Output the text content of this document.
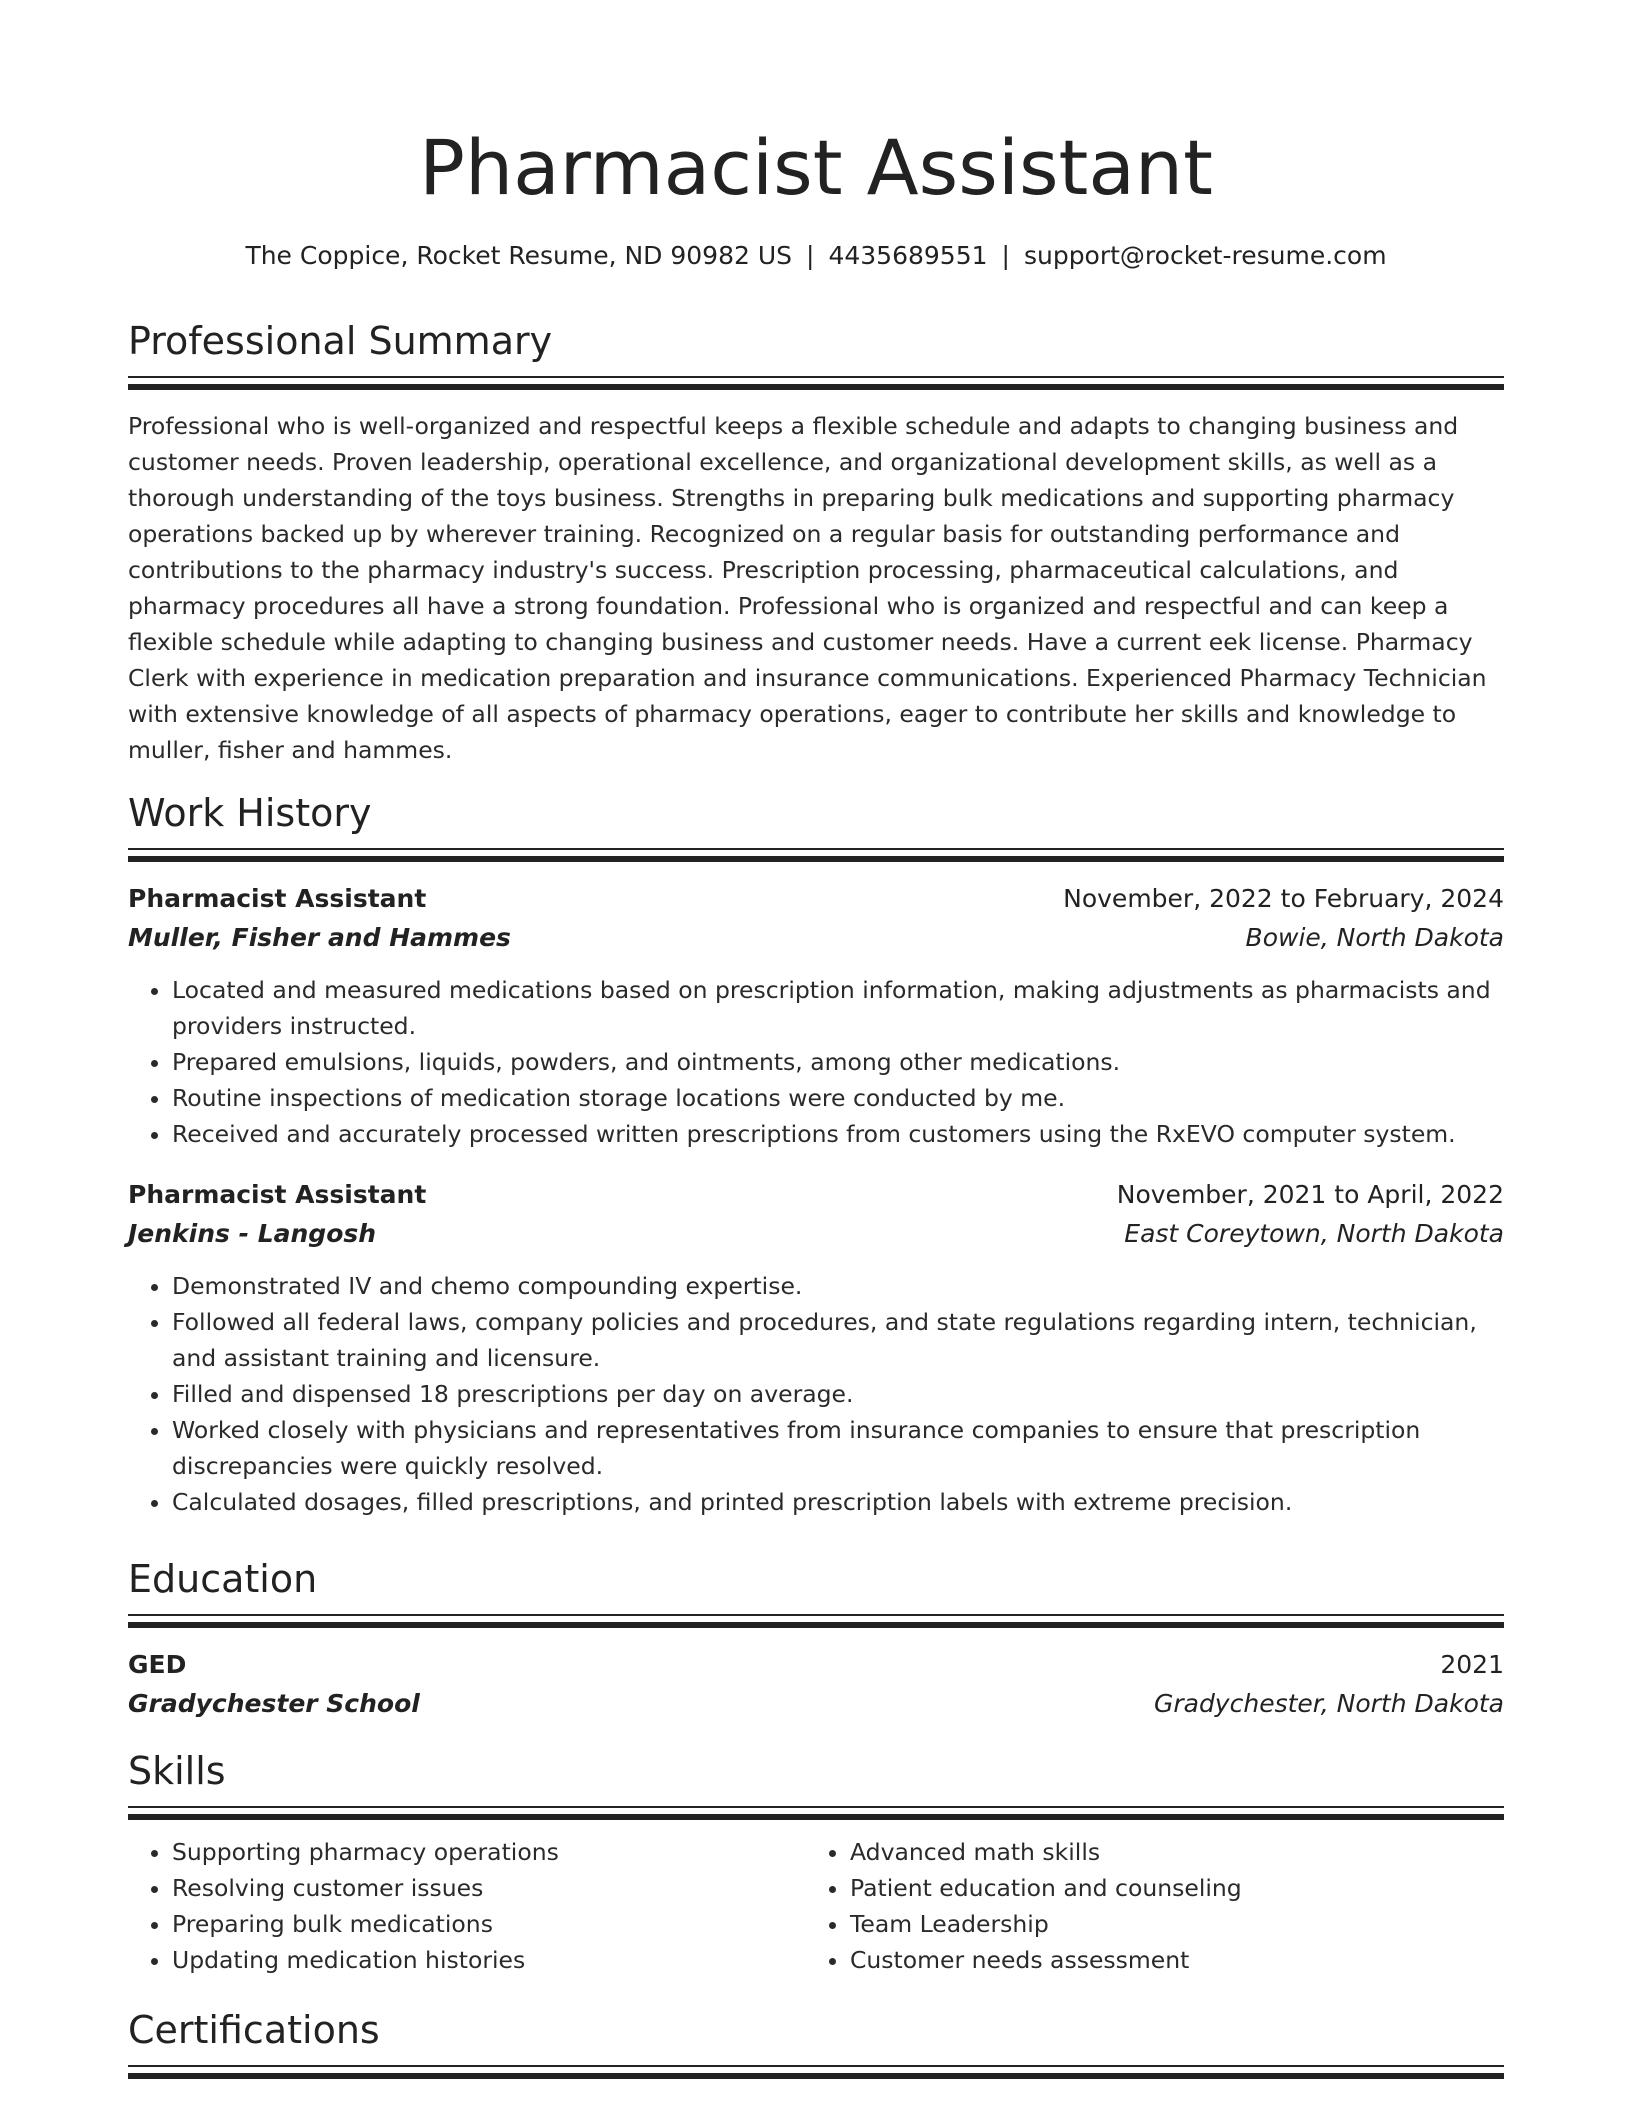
Pharmacist Assistant
The Coppice, Rocket Resume, ND 90982 US | 4435689551 | support@rocket-resume.com
Professional Summary
Professional who is well-organized and respectful keeps a flexible schedule and adapts to changing business and customer needs. Proven leadership, operational excellence, and organizational development skills, as well as a thorough understanding of the toys business. Strengths in preparing bulk medications and supporting pharmacy operations backed up by wherever training. Recognized on a regular basis for outstanding performance and contributions to the pharmacy industry's success. Prescription processing, pharmaceutical calculations, and pharmacy procedures all have a strong foundation. Professional who is organized and respectful and can keep a flexible schedule while adapting to changing business and customer needs. Have a current eek license. Pharmacy Clerk with experience in medication preparation and insurance communications. Experienced Pharmacy Technician with extensive knowledge of all aspects of pharmacy operations, eager to contribute her skills and knowledge to muller, fisher and hammes.
Work History
Pharmacist Assistant	November, 2022 to February, 2024
Muller, Fisher and Hammes	Bowie, North Dakota
• Located and measured medications based on prescription information, making adjustments as pharmacists and providers instructed.
• Prepared emulsions, liquids, powders, and ointments, among other medications.
• Routine inspections of medication storage locations were conducted by me.
• Received and accurately processed written prescriptions from customers using the RxEVO computer system.
Pharmacist Assistant	November, 2021 to April, 2022
Jenkins - Langosh	East Coreytown, North Dakota
• Demonstrated IV and chemo compounding expertise.
• Followed all federal laws, company policies and procedures, and state regulations regarding intern, technician, and assistant training and licensure.
• Filled and dispensed 18 prescriptions per day on average.
• Worked closely with physicians and representatives from insurance companies to ensure that prescription discrepancies were quickly resolved.
• Calculated dosages, filled prescriptions, and printed prescription labels with extreme precision.
Education
GED	2021
Gradychester School	Gradychester, North Dakota
Skills
• Supporting pharmacy operations
• Resolving customer issues
• Preparing bulk medications
• Updating medication histories
• Advanced math skills
• Patient education and counseling
• Team Leadership
• Customer needs assessment
Certifications
